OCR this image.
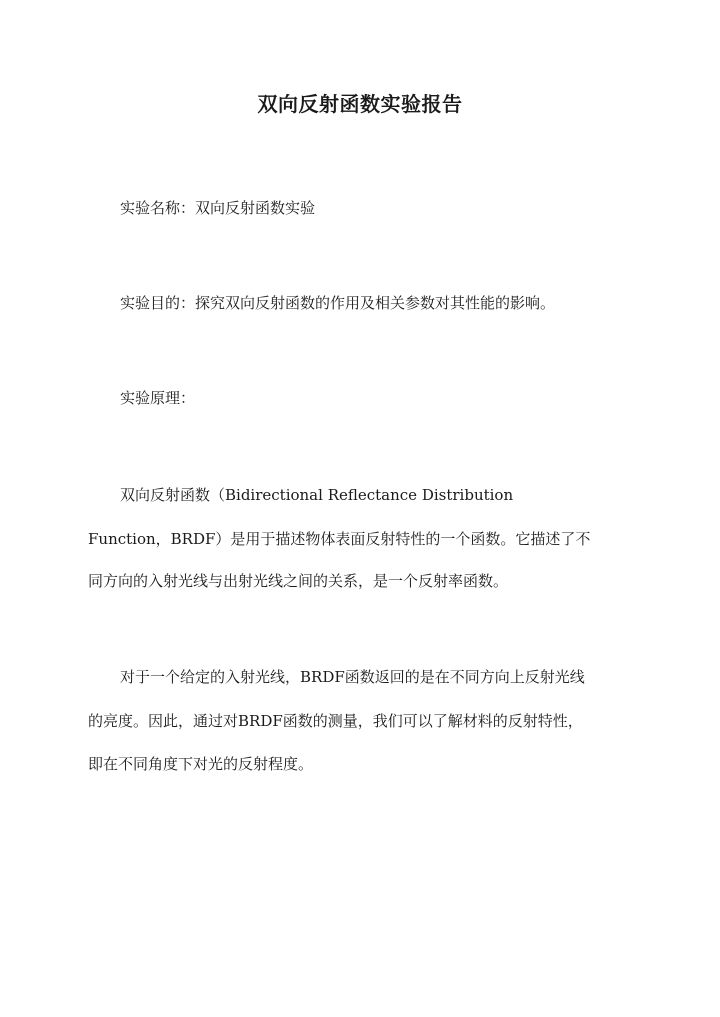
双向反射函数实验报告
实验名称：双向反射函数实验
实验目的：探究双向反射函数的作用及相关参数对其性能的影响。
实验原理：
双向反射函数（Bidirectional Reflectance Distribution
Function，BRDF）是用于描述物体表面反射特性的一个函数。它描述了不
同方向的入射光线与出射光线之间的关系，是一个反射率函数。
对于一个给定的入射光线，BRDF函数返回的是在不同方向上反射光线
的亮度。因此，通过对BRDF函数的测量，我们可以了解材料的反射特性，
即在不同角度下对光的反射程度。
